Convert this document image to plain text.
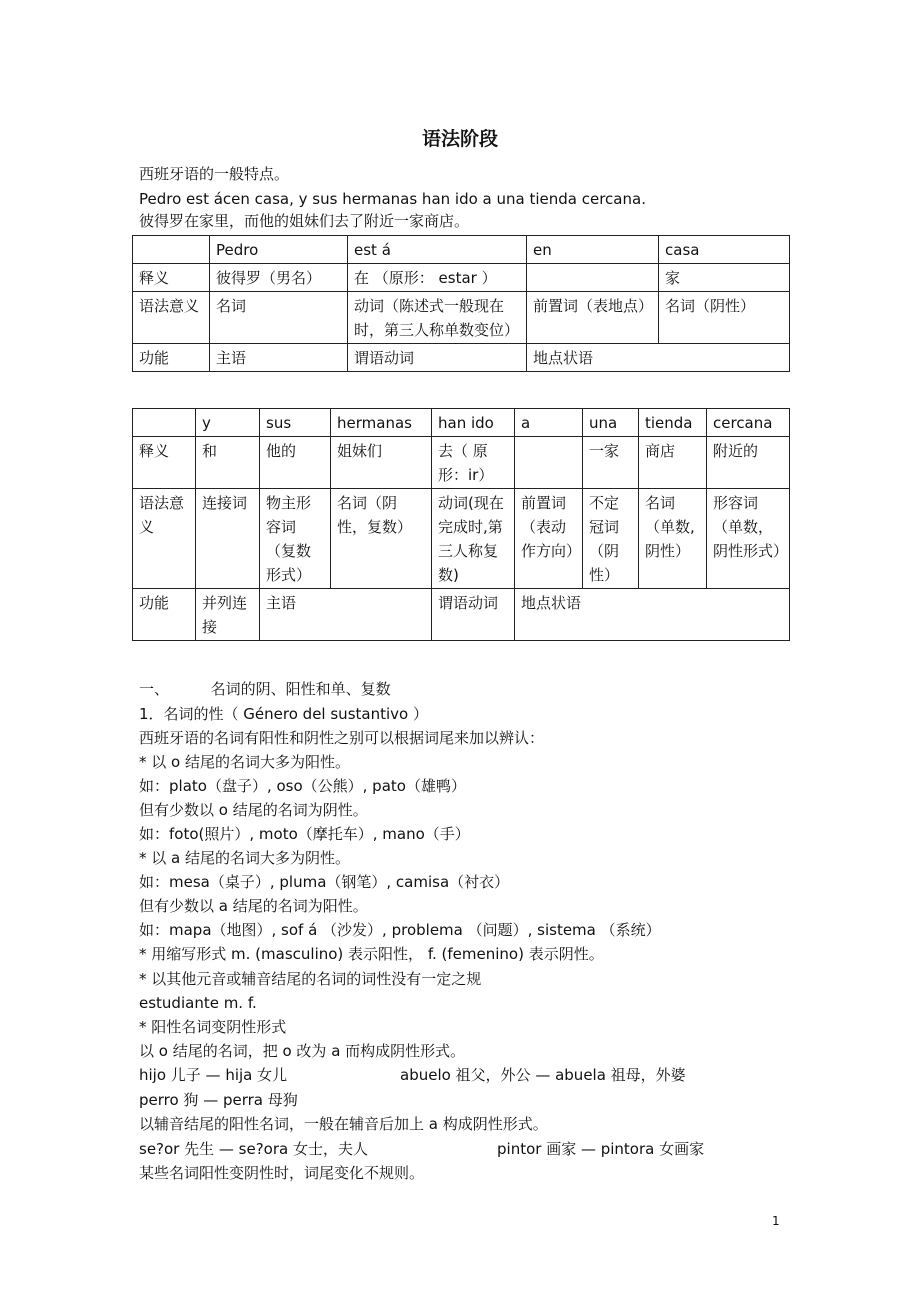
语法阶段
西班牙语的一般特点。
Pedro est ácen casa, y sus hermanas han ido a una tienda cercana.
彼得罗在家里，而他的姐妹们去了附近一家商店。
	Pedro	est á	en	casa
释义	彼得罗（男名）	在 （原形： estar ）		家
语法意义	名词	动词（陈述式一般现在时，第三人称单数变位）	前置词（表地点）	名词（阴性）
功能	主语	谓语动词	地点状语	
	y	sus	hermanas	han ido	a	una	tienda	cercana
释义	和	他的	姐妹们	去（ 原形：ir）		一家	商店	附近的
语法意义	连接词	物主形容词（复数形式）	名词（阴性，复数）	动词(现在完成时,第三人称复数)	前置词（表动作方向）	不定冠词（阴性）	名词（单数,阴性）	形容词（单数，阴性形式）
功能	并列连接	主语		谓语动词	地点状语			
一、	名词的阴、阳性和单、复数
1．名词的性（ Género del sustantivo ）
西班牙语的名词有阳性和阴性之别可以根据词尾来加以辨认：
* 以 o 结尾的名词大多为阳性。
如：plato（盘子）, oso（公熊）, pato（雄鸭）
但有少数以 o 结尾的名词为阴性。
如：foto(照片）, moto（摩托车）, mano（手）
* 以 a 结尾的名词大多为阴性。
如：mesa（桌子）, pluma（钢笔）, camisa（衬衣）
但有少数以 a 结尾的名词为阳性。
如：mapa（地图）, sof á （沙发）, problema （问题）, sistema （系统）
* 用缩写形式 m. (masculino) 表示阳性， f. (femenino) 表示阴性。
* 以其他元音或辅音结尾的名词的词性没有一定之规
estudiante m. f.
* 阳性名词变阴性形式
以 o 结尾的名词，把 o 改为 a 而构成阴性形式。
hijo 儿子 — hija 女儿	abuelo 祖父，外公 — abuela 祖母，外婆
perro 狗 — perra 母狗
以辅音结尾的阳性名词，一般在辅音后加上 a 构成阴性形式。
se?or 先生 — se?ora 女士，夫人	pintor 画家 — pintora 女画家
某些名词阳性变阴性时，词尾变化不规则。
1
